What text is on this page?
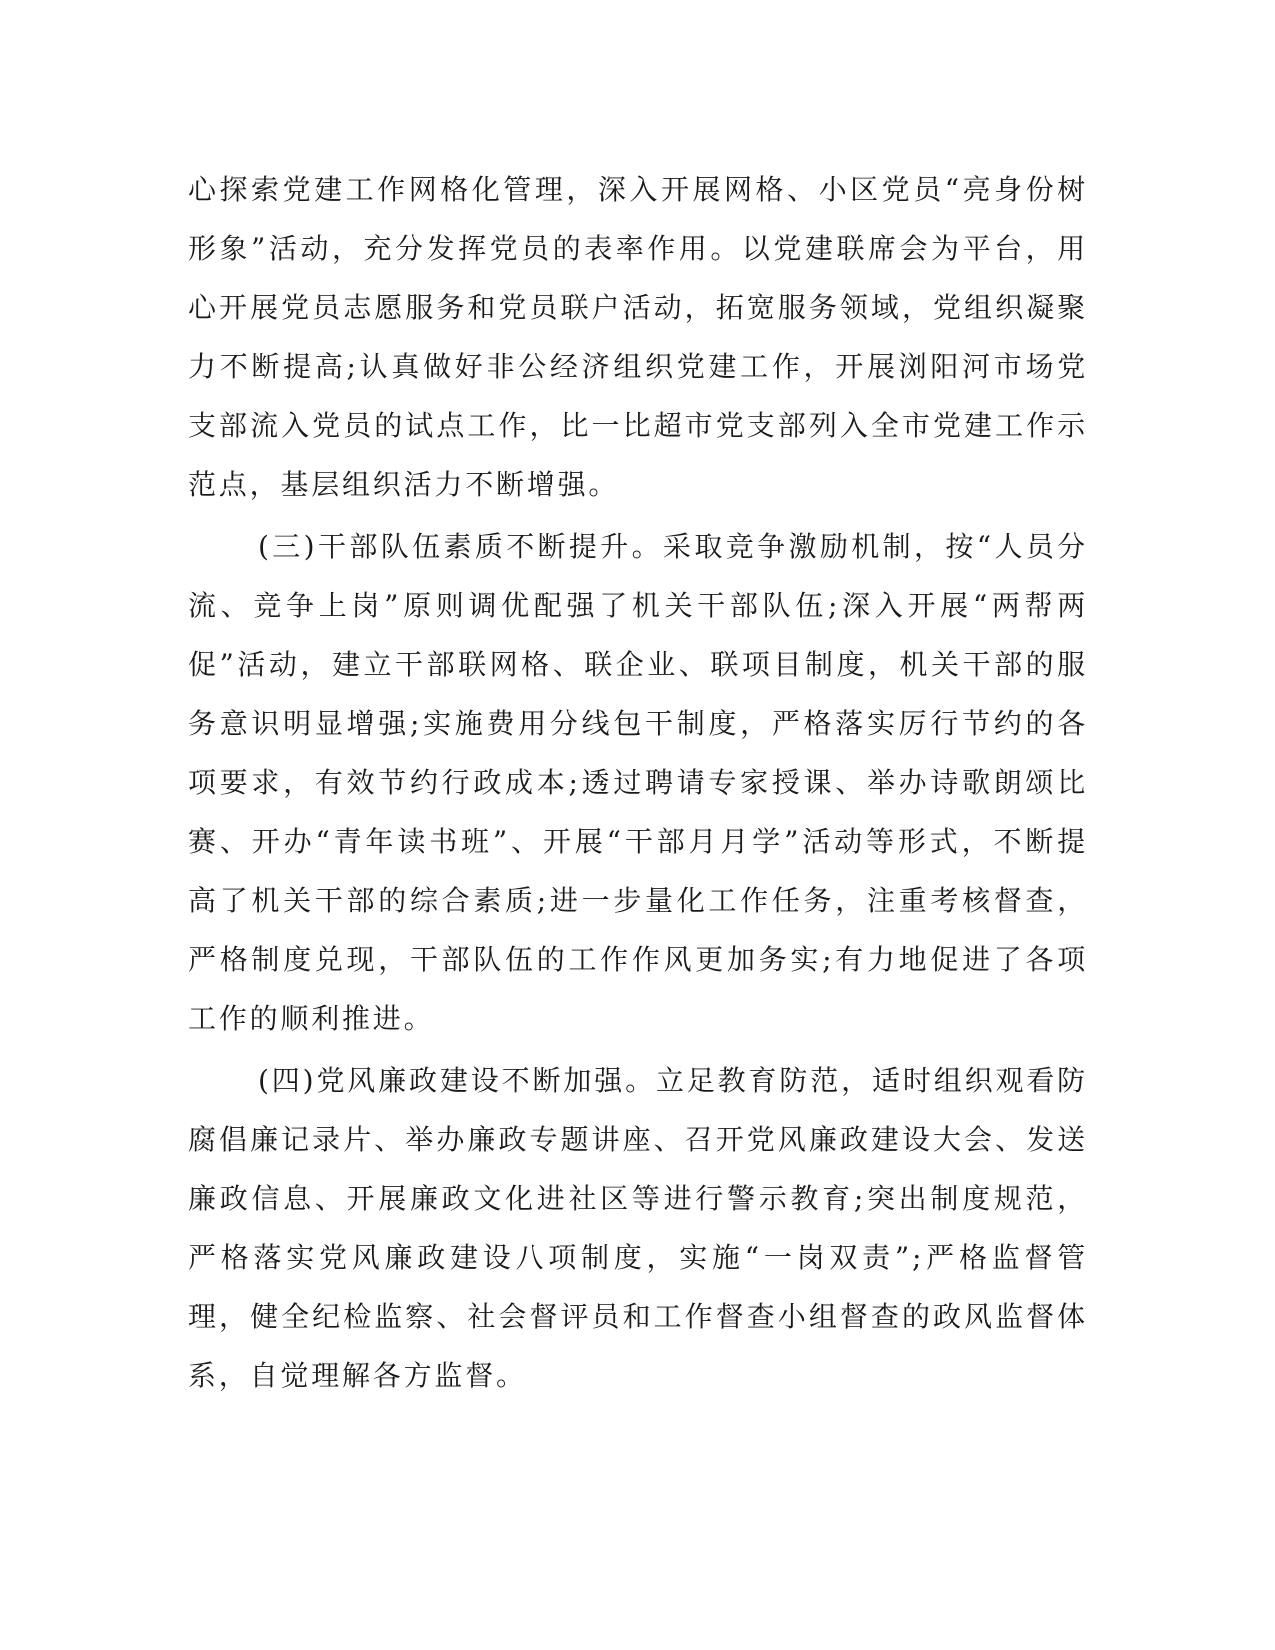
心探索党建工作网格化管理，深入开展网格、小区党员“亮身份树形象”活动，充分发挥党员的表率作用。以党建联席会为平台，用心开展党员志愿服务和党员联户活动，拓宽服务领域，党组织凝聚力不断提高;认真做好非公经济组织党建工作，开展浏阳河市场党支部流入党员的试点工作，比一比超市党支部列入全市党建工作示范点，基层组织活力不断增强。

(三)干部队伍素质不断提升。采取竞争激励机制，按“人员分流、竞争上岗”原则调优配强了机关干部队伍;深入开展“两帮两促”活动，建立干部联网格、联企业、联项目制度，机关干部的服务意识明显增强;实施费用分线包干制度，严格落实厉行节约的各项要求，有效节约行政成本;透过聘请专家授课、举办诗歌朗颂比赛、开办“青年读书班”、开展“干部月月学”活动等形式，不断提高了机关干部的综合素质;进一步量化工作任务，注重考核督查，严格制度兑现，干部队伍的工作作风更加务实;有力地促进了各项工作的顺利推进。

(四)党风廉政建设不断加强。立足教育防范，适时组织观看防腐倡廉记录片、举办廉政专题讲座、召开党风廉政建设大会、发送廉政信息、开展廉政文化进社区等进行警示教育;突出制度规范，严格落实党风廉政建设八项制度，实施“一岗双责”;严格监督管理，健全纪检监察、社会督评员和工作督查小组督查的政风监督体系，自觉理解各方监督。
